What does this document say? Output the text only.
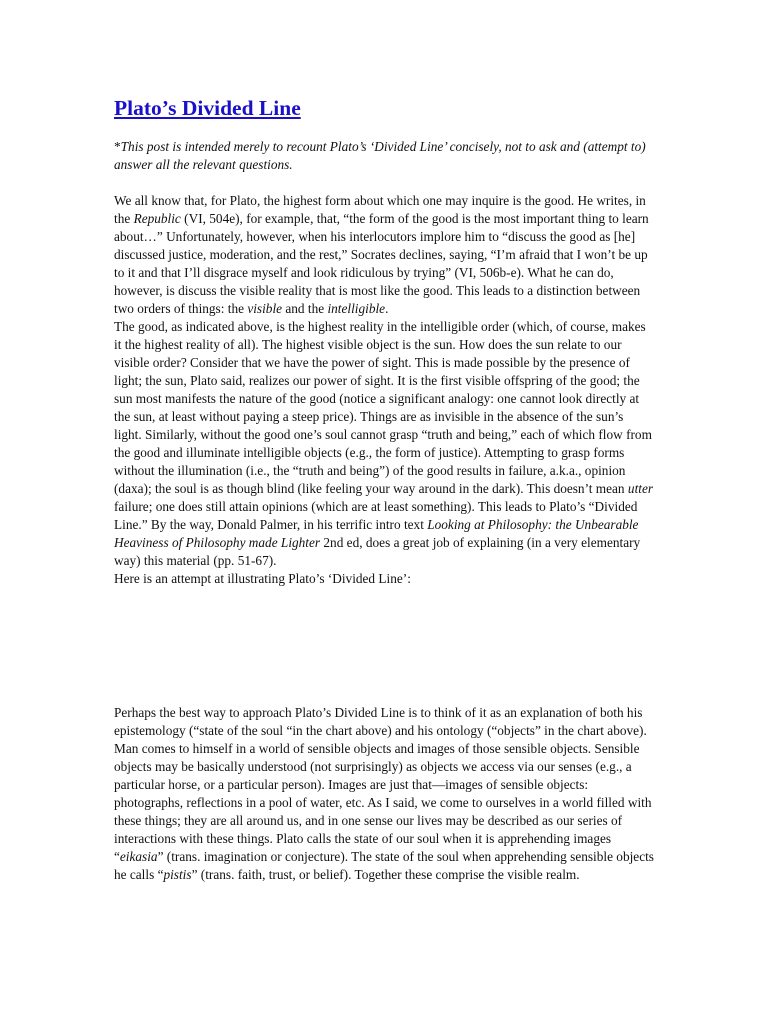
Plato’s Divided Line

*This post is intended merely to recount Plato’s ‘Divided Line’ concisely, not to ask and (attempt to) answer all the relevant questions.

We all know that, for Plato, the highest form about which one may inquire is the good. He writes, in the Republic (VI, 504e), for example, that, “the form of the good is the most important thing to learn about…” Unfortunately, however, when his interlocutors implore him to “discuss the good as [he] discussed justice, moderation, and the rest,” Socrates declines, saying, “I’m afraid that I won’t be up to it and that I’ll disgrace myself and look ridiculous by trying” (VI, 506b-e). What he can do, however, is discuss the visible reality that is most like the good. This leads to a distinction between two orders of things: the visible and the intelligible.

The good, as indicated above, is the highest reality in the intelligible order (which, of course, makes it the highest reality of all). The highest visible object is the sun. How does the sun relate to our visible order? Consider that we have the power of sight. This is made possible by the presence of light; the sun, Plato said, realizes our power of sight. It is the first visible offspring of the good; the sun most manifests the nature of the good (notice a significant analogy: one cannot look directly at the sun, at least without paying a steep price). Things are as invisible in the absence of the sun’s light. Similarly, without the good one’s soul cannot grasp “truth and being,” each of which flow from the good and illuminate intelligible objects (e.g., the form of justice). Attempting to grasp forms without the illumination (i.e., the “truth and being”) of the good results in failure, a.k.a., opinion (daxa); the soul is as though blind (like feeling your way around in the dark). This doesn’t mean utter failure; one does still attain opinions (which are at least something). This leads to Plato’s “Divided Line.” By the way, Donald Palmer, in his terrific intro text Looking at Philosophy: the Unbearable Heaviness of Philosophy made Lighter 2nd ed, does a great job of explaining (in a very elementary way) this material (pp. 51-67).

Here is an attempt at illustrating Plato’s ‘Divided Line’:

Perhaps the best way to approach Plato’s Divided Line is to think of it as an explanation of both his epistemology (“state of the soul “in the chart above) and his ontology (“objects” in the chart above). Man comes to himself in a world of sensible objects and images of those sensible objects. Sensible objects may be basically understood (not surprisingly) as objects we access via our senses (e.g., a particular horse, or a particular person). Images are just that—images of sensible objects: photographs, reflections in a pool of water, etc. As I said, we come to ourselves in a world filled with these things; they are all around us, and in one sense our lives may be described as our series of interactions with these things. Plato calls the state of our soul when it is apprehending images “eikasia” (trans. imagination or conjecture). The state of the soul when apprehending sensible objects he calls “pistis” (trans. faith, trust, or belief). Together these comprise the visible realm.
